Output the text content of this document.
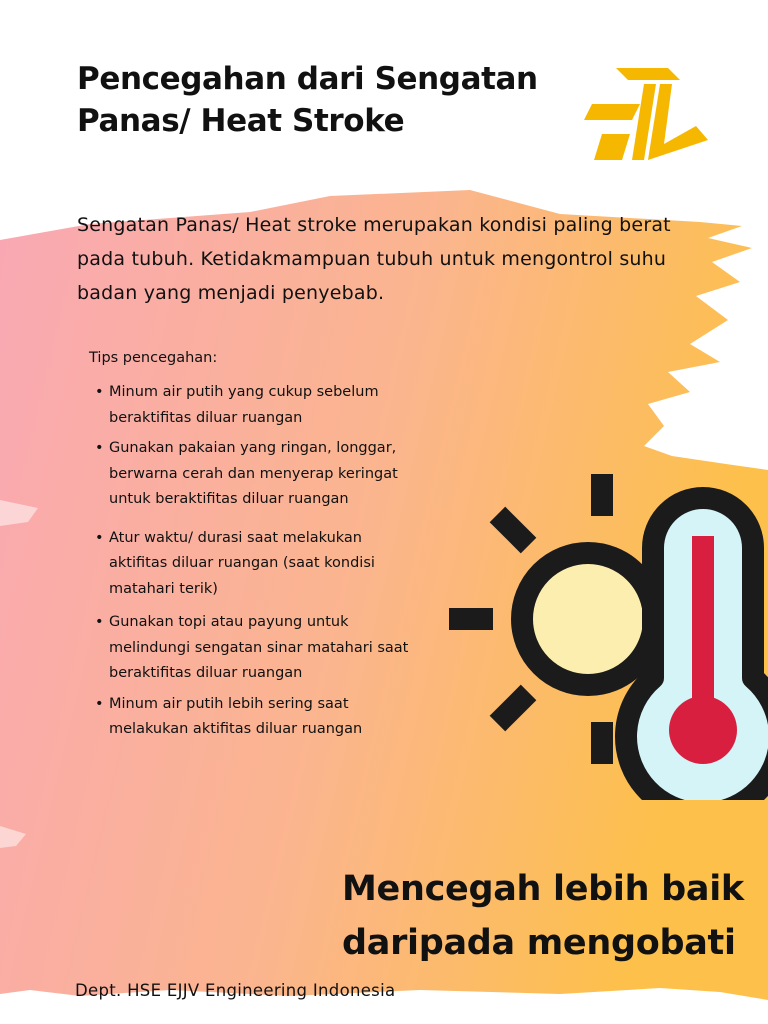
Pencegahan dari Sengatan Panas/ Heat Stroke

Sengatan Panas/ Heat stroke merupakan kondisi paling berat pada tubuh. Ketidakmampuan tubuh untuk mengontrol suhu badan yang menjadi penyebab.

Tips pencegahan:

• Minum air putih yang cukup sebelum beraktifitas diluar ruangan
• Gunakan pakaian yang ringan, longgar, berwarna cerah dan menyerap keringat untuk beraktifitas diluar ruangan
• Atur waktu/ durasi saat melakukan aktifitas diluar ruangan (saat kondisi matahari terik)
• Gunakan topi atau payung untuk melindungi sengatan sinar matahari saat beraktifitas diluar ruangan
• Minum air putih lebih sering saat melakukan aktifitas diluar ruangan
Mencegah lebih baik
daripada mengobati

Dept. HSE EJJV Engineering Indonesia
